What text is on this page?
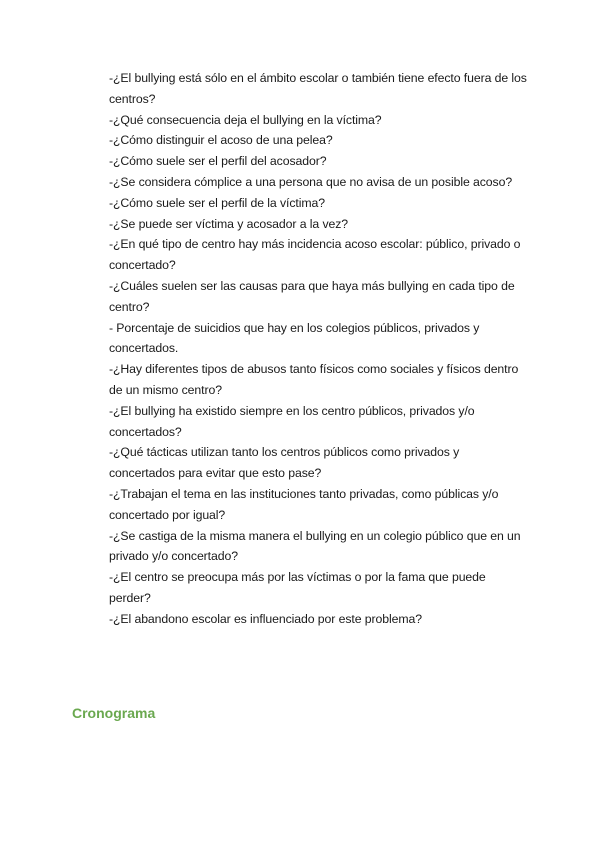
-¿El bullying está sólo en el ámbito escolar o también tiene efecto fuera de los centros?
-¿Qué consecuencia deja el bullying en la víctima?
-¿Cómo distinguir el acoso de una pelea?
-¿Cómo suele ser el perfil del acosador?
-¿Se considera cómplice a una persona que no avisa de un posible acoso?
-¿Cómo suele ser el perfil de la víctima?
-¿Se puede ser víctima y acosador a la vez?
-¿En qué tipo de centro hay más incidencia acoso escolar: público, privado o concertado?
-¿Cuáles suelen ser las causas para que haya más bullying en cada tipo de centro?
- Porcentaje de suicidios que hay en los colegios públicos, privados y concertados.
-¿Hay diferentes tipos de abusos tanto físicos como sociales y físicos dentro de un mismo centro?
-¿El bullying ha existido siempre en los centro públicos, privados y/o concertados?
-¿Qué tácticas utilizan tanto los centros públicos como privados y concertados para evitar que esto pase?
-¿Trabajan el tema en las instituciones tanto privadas, como públicas y/o concertado por igual?
-¿Se castiga de la misma manera el bullying en un colegio público que en un privado y/o concertado?
-¿El centro se preocupa más por las víctimas o por la fama que puede perder?
-¿El abandono escolar es influenciado por este problema?
Cronograma
